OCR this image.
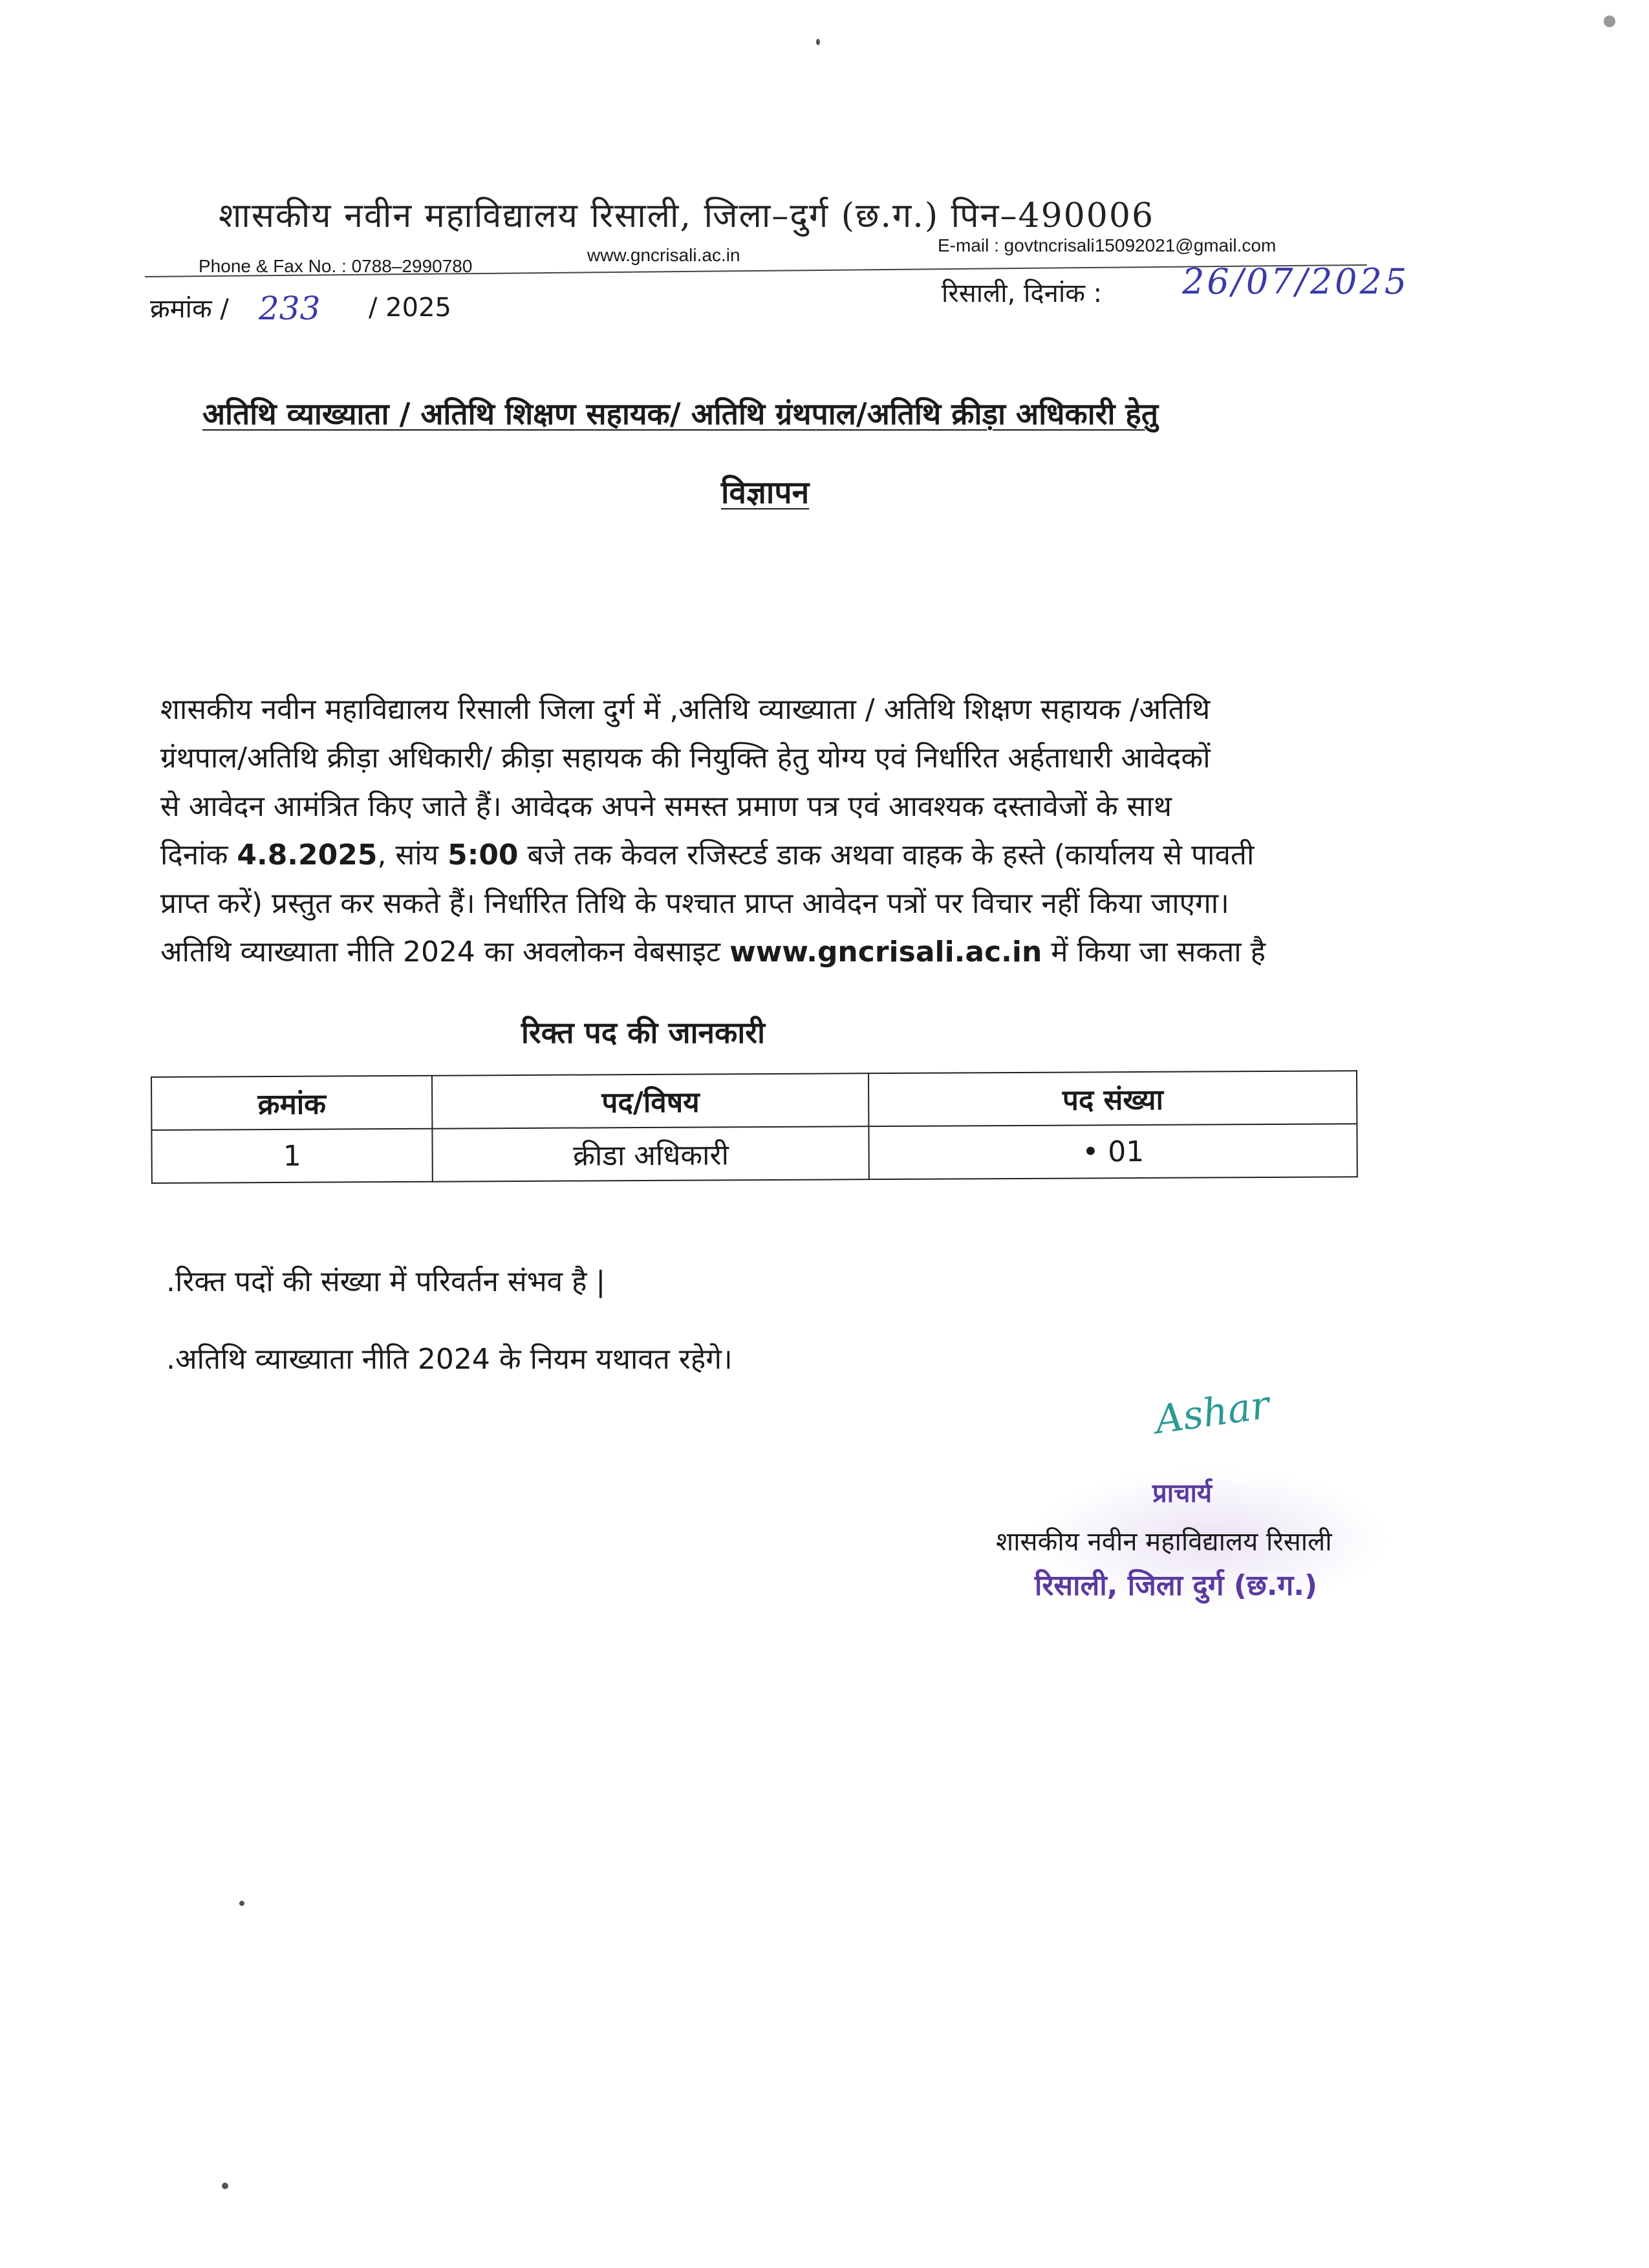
शासकीय नवीन महाविद्यालय रिसाली, जिला–दुर्ग (छ.ग.) पिन–490006
Phone & Fax No. : 0788–2990780
www.gncrisali.ac.in	E-mail : govtncrisali15092021@gmail.com
क्रमांक / 233 / 2025	रिसाली, दिनांक : 26/07/2025
अतिथि व्याख्याता / अतिथि शिक्षण सहायक/ अतिथि ग्रंथपाल/अतिथि क्रीड़ा अधिकारी हेतु
विज्ञापन
शासकीय नवीन महाविद्यालय रिसाली जिला दुर्ग में ,अतिथि व्याख्याता / अतिथि शिक्षण सहायक /अतिथि
ग्रंथपाल/अतिथि क्रीड़ा अधिकारी/ क्रीड़ा सहायक की नियुक्ति हेतु योग्य एवं निर्धारित अर्हताधारी आवेदकों
से आवेदन आमंत्रित किए जाते हैं। आवेदक अपने समस्त प्रमाण पत्र एवं आवश्यक दस्तावेजों के साथ
दिनांक 4.8.2025, सांय 5:00 बजे तक केवल रजिस्टर्ड डाक अथवा वाहक के हस्ते (कार्यालय से पावती
प्राप्त करें) प्रस्तुत कर सकते हैं। निर्धारित तिथि के पश्चात प्राप्त आवेदन पत्रों पर विचार नहीं किया जाएगा।
अतिथि व्याख्याता नीति 2024 का अवलोकन वेबसाइट www.gncrisali.ac.in में किया जा सकता है
रिक्त पद की जानकारी
क्रमांक	पद/विषय	पद संख्या
1	क्रीडा अधिकारी	• 01
.रिक्त पदों की संख्या में परिवर्तन संभव है |
.अतिथि व्याख्याता नीति 2024 के नियम यथावत रहेगे।
Ashar
प्राचार्य
शासकीय नवीन महाविद्यालय रिसाली
रिसाली, जिला दुर्ग (छ.ग.)
